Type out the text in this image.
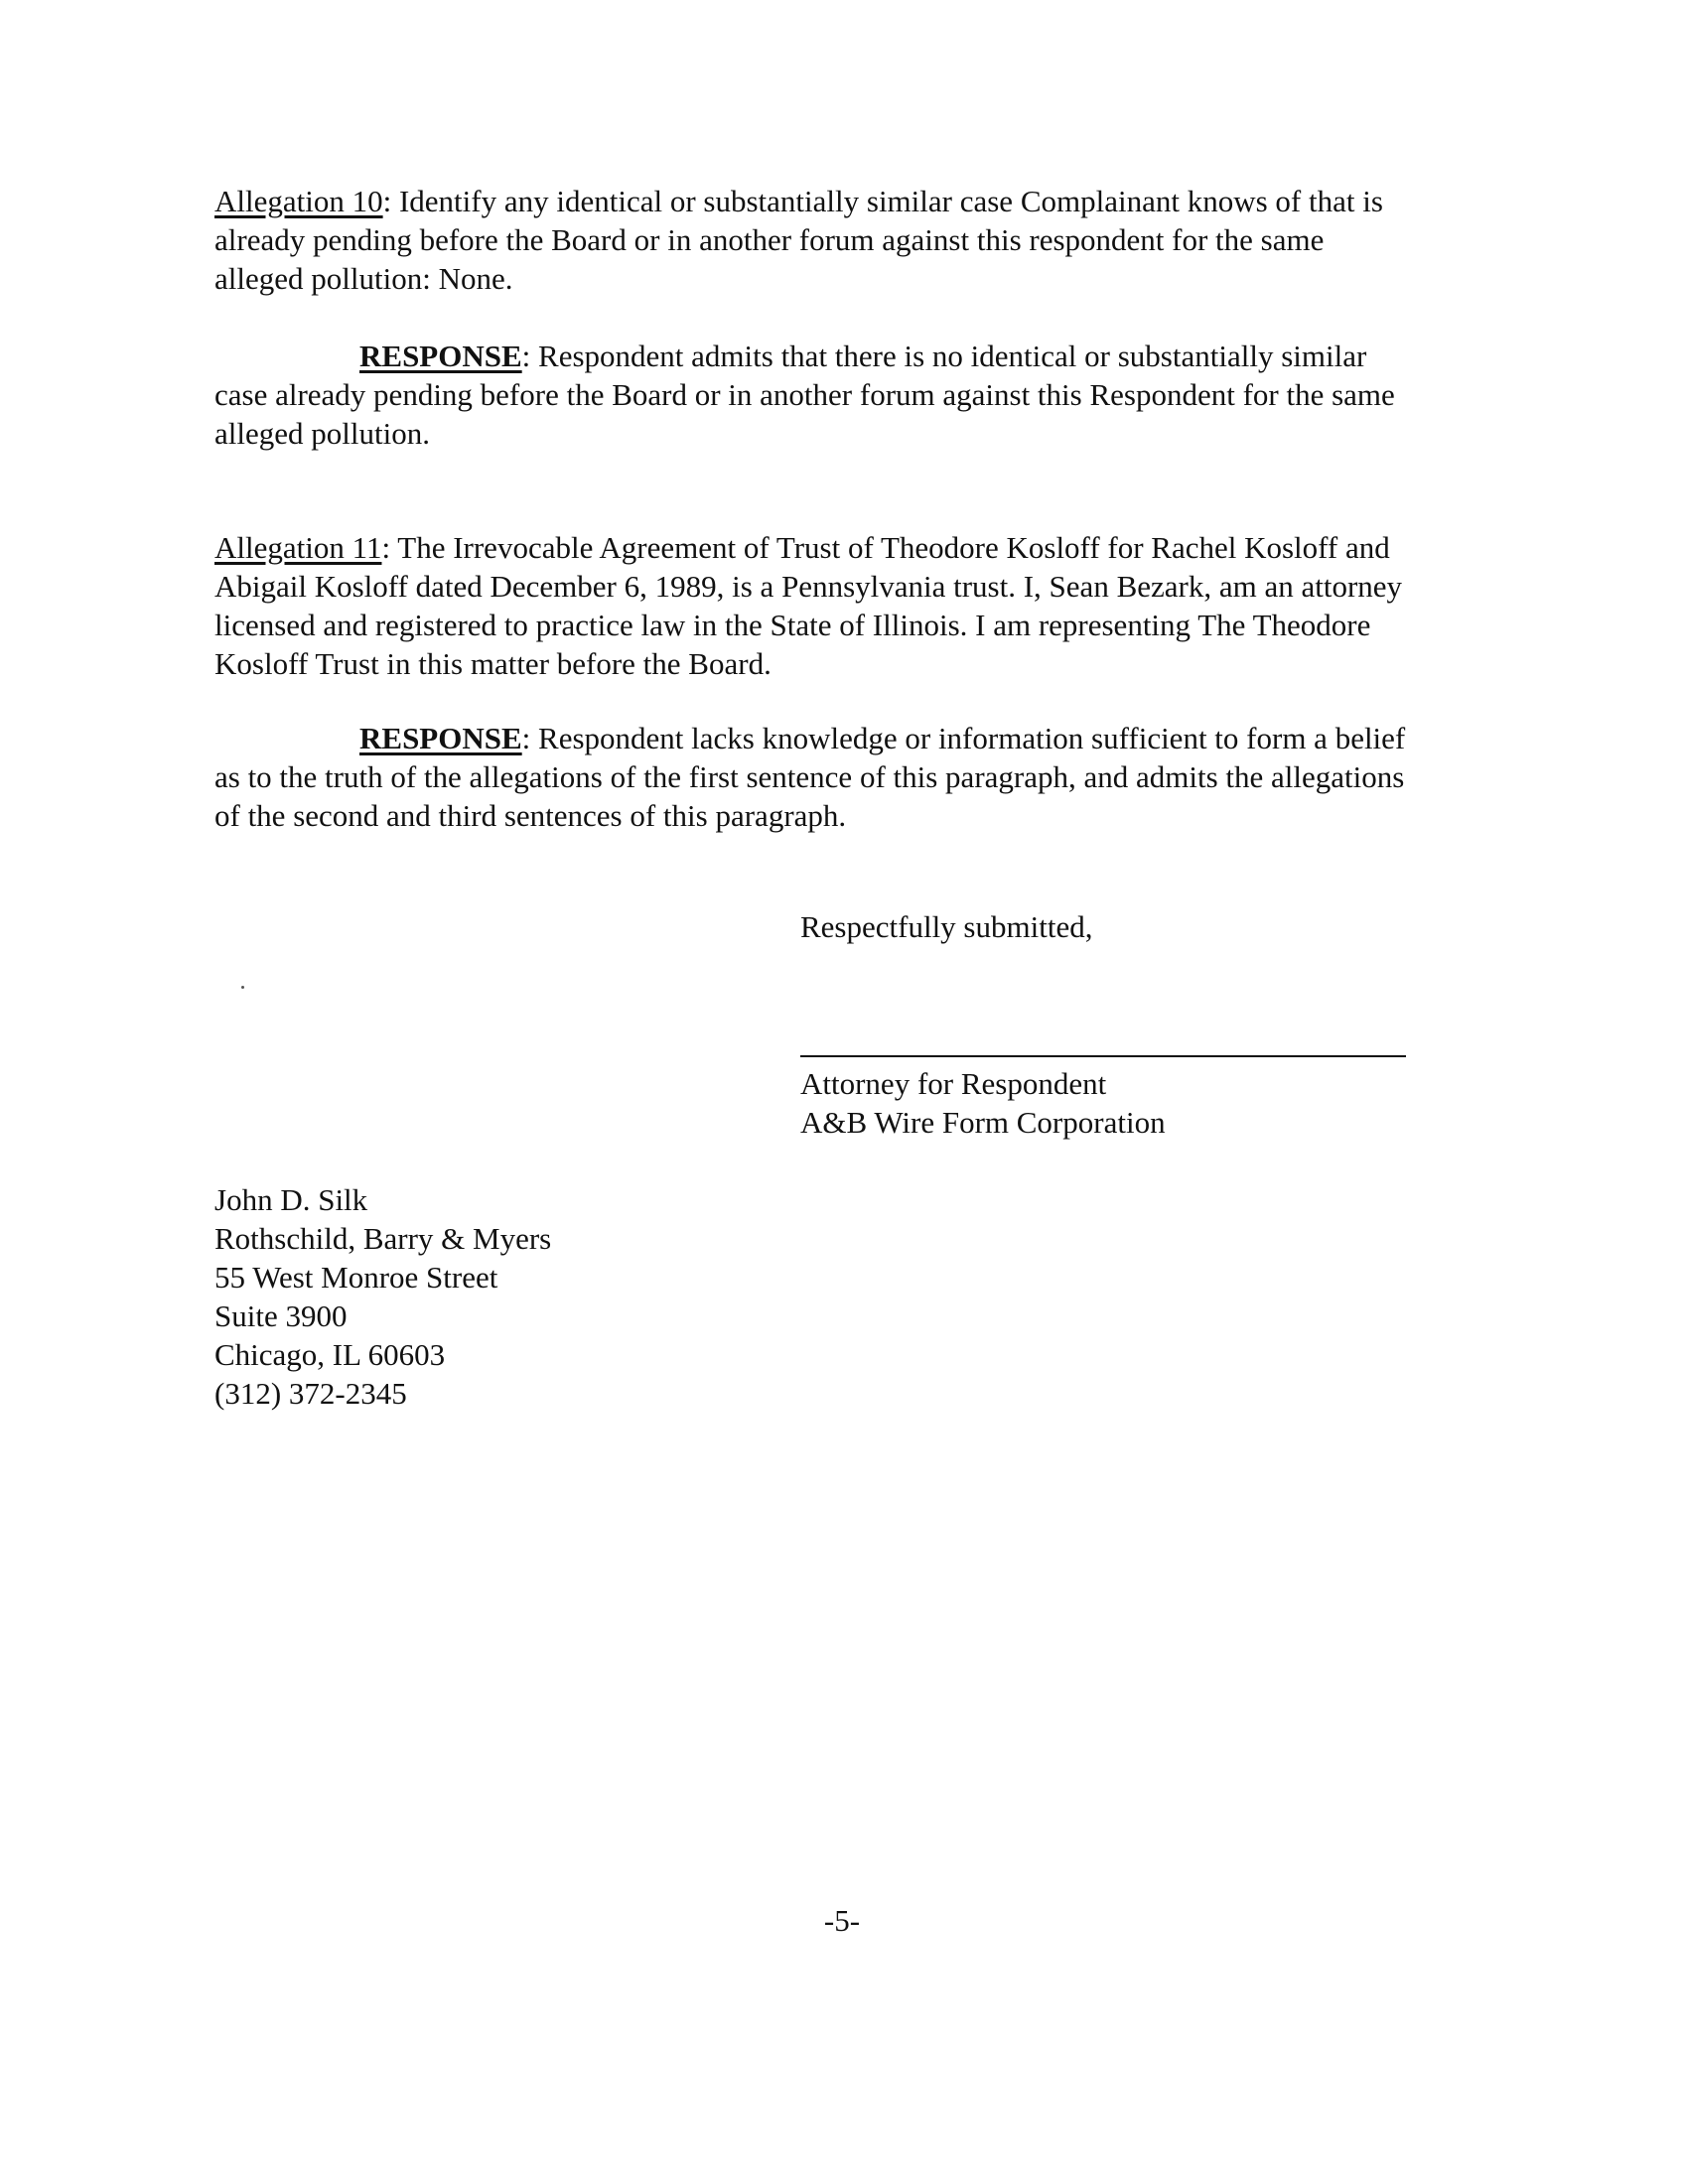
Allegation 10: Identify any identical or substantially similar case Complainant knows of that is
already pending before the Board or in another forum against this respondent for the same
alleged pollution: None.
RESPONSE: Respondent admits that there is no identical or substantially similar
case already pending before the Board or in another forum against this Respondent for the same
alleged pollution.
Allegation 11: The Irrevocable Agreement of Trust of Theodore Kosloff for Rachel Kosloff and
Abigail Kosloff dated December 6, 1989, is a Pennsylvania trust. I, Sean Bezark, am an attorney
licensed and registered to practice law in the State of Illinois. I am representing The Theodore
Kosloff Trust in this matter before the Board.
RESPONSE: Respondent lacks knowledge or information sufficient to form a belief
as to the truth of the allegations of the first sentence of this paragraph, and admits the allegations
of the second and third sentences of this paragraph.
Respectfully submitted,
Attorney for Respondent
A&B Wire Form Corporation
John D. Silk
Rothschild, Barry & Myers
55 West Monroe Street
Suite 3900
Chicago, IL 60603
(312) 372-2345
-5-
